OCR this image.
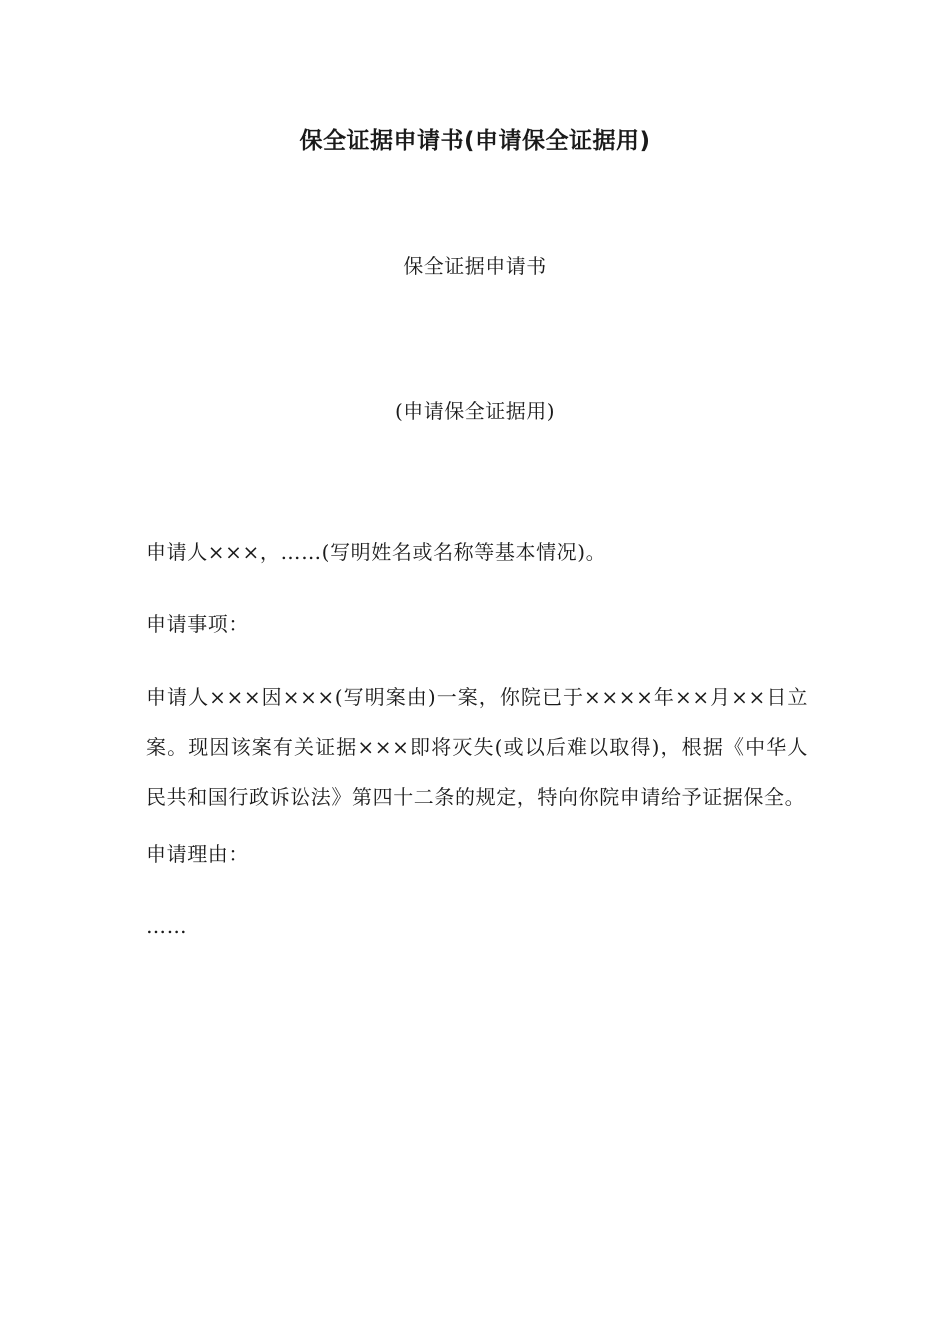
保全证据申请书(申请保全证据用)
保全证据申请书
(申请保全证据用)

申请人×××，……(写明姓名或名称等基本情况)。

申请事项：

申请人×××因×××(写明案由)一案，你院已于××××年××月××日立案。现因该案有关证据×××即将灭失(或以后难以取得)，根据《中华人民共和国行政诉讼法》第四十二条的规定，特向你院申请给予证据保全。

申请理由：

……
